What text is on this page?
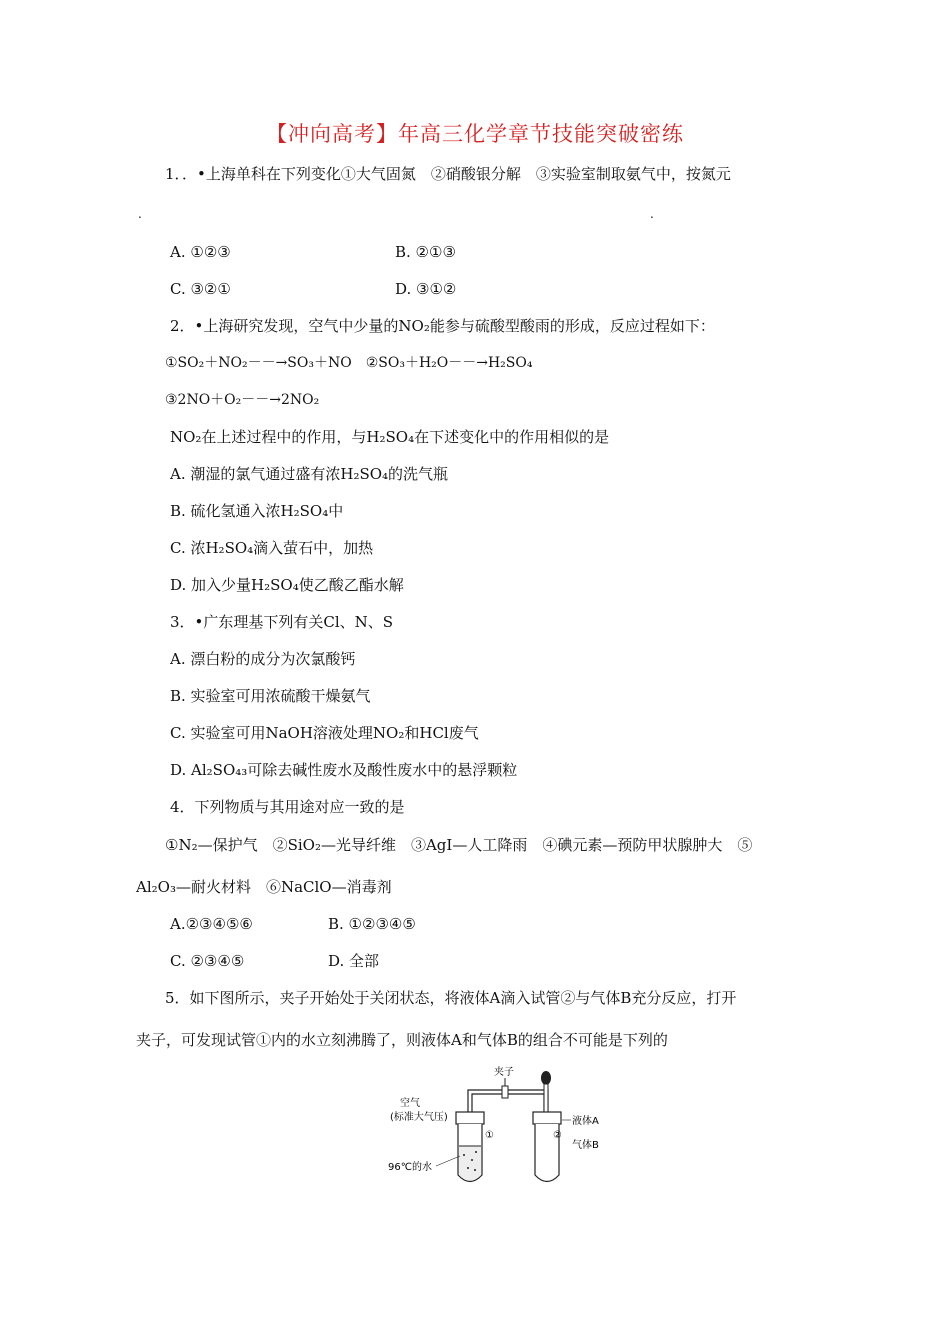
【冲向高考】年高三化学章节技能突破密练
1．．•上海单科在下列变化①大气固氮　②硝酸银分解　③实验室制取氨气中，按氮元
.	.
A. ①②③	B. ②①③
C. ③②①	D. ③①②
2．•上海研究发现，空气中少量的NO₂能参与硫酸型酸雨的形成，反应过程如下：
①SO₂＋NO₂－－→SO₃＋NO　②SO₃＋H₂O－－→H₂SO₄
③2NO＋O₂－－→2NO₂
NO₂在上述过程中的作用，与H₂SO₄在下述变化中的作用相似的是
A. 潮湿的氯气通过盛有浓H₂SO₄的洗气瓶
B. 硫化氢通入浓H₂SO₄中
C. 浓H₂SO₄滴入萤石中，加热
D. 加入少量H₂SO₄使乙酸乙酯水解
3．•广东理基下列有关Cl、N、S
A. 漂白粉的成分为次氯酸钙
B. 实验室可用浓硫酸干燥氨气
C. 实验室可用NaOH溶液处理NO₂和HCl废气
D. Al₂SO₄₃可除去碱性废水及酸性废水中的悬浮颗粒
4．下列物质与其用途对应一致的是
①N₂—保护气　②SiO₂—光导纤维　③AgI—人工降雨　④碘元素—预防甲状腺肿大　⑤
Al₂O₃—耐火材料　⑥NaClO—消毒剂
A.②③④⑤⑥	B. ①②③④⑤
C. ②③④⑤	D. 全部
5．如下图所示，夹子开始处于关闭状态，将液体A滴入试管②与气体B充分反应，打开
夹子，可发现试管①内的水立刻沸腾了，则液体A和气体B的组合不可能是下列的
夹子
空气
(标准大气压)
①
96℃的水
液体A
②
气体B
